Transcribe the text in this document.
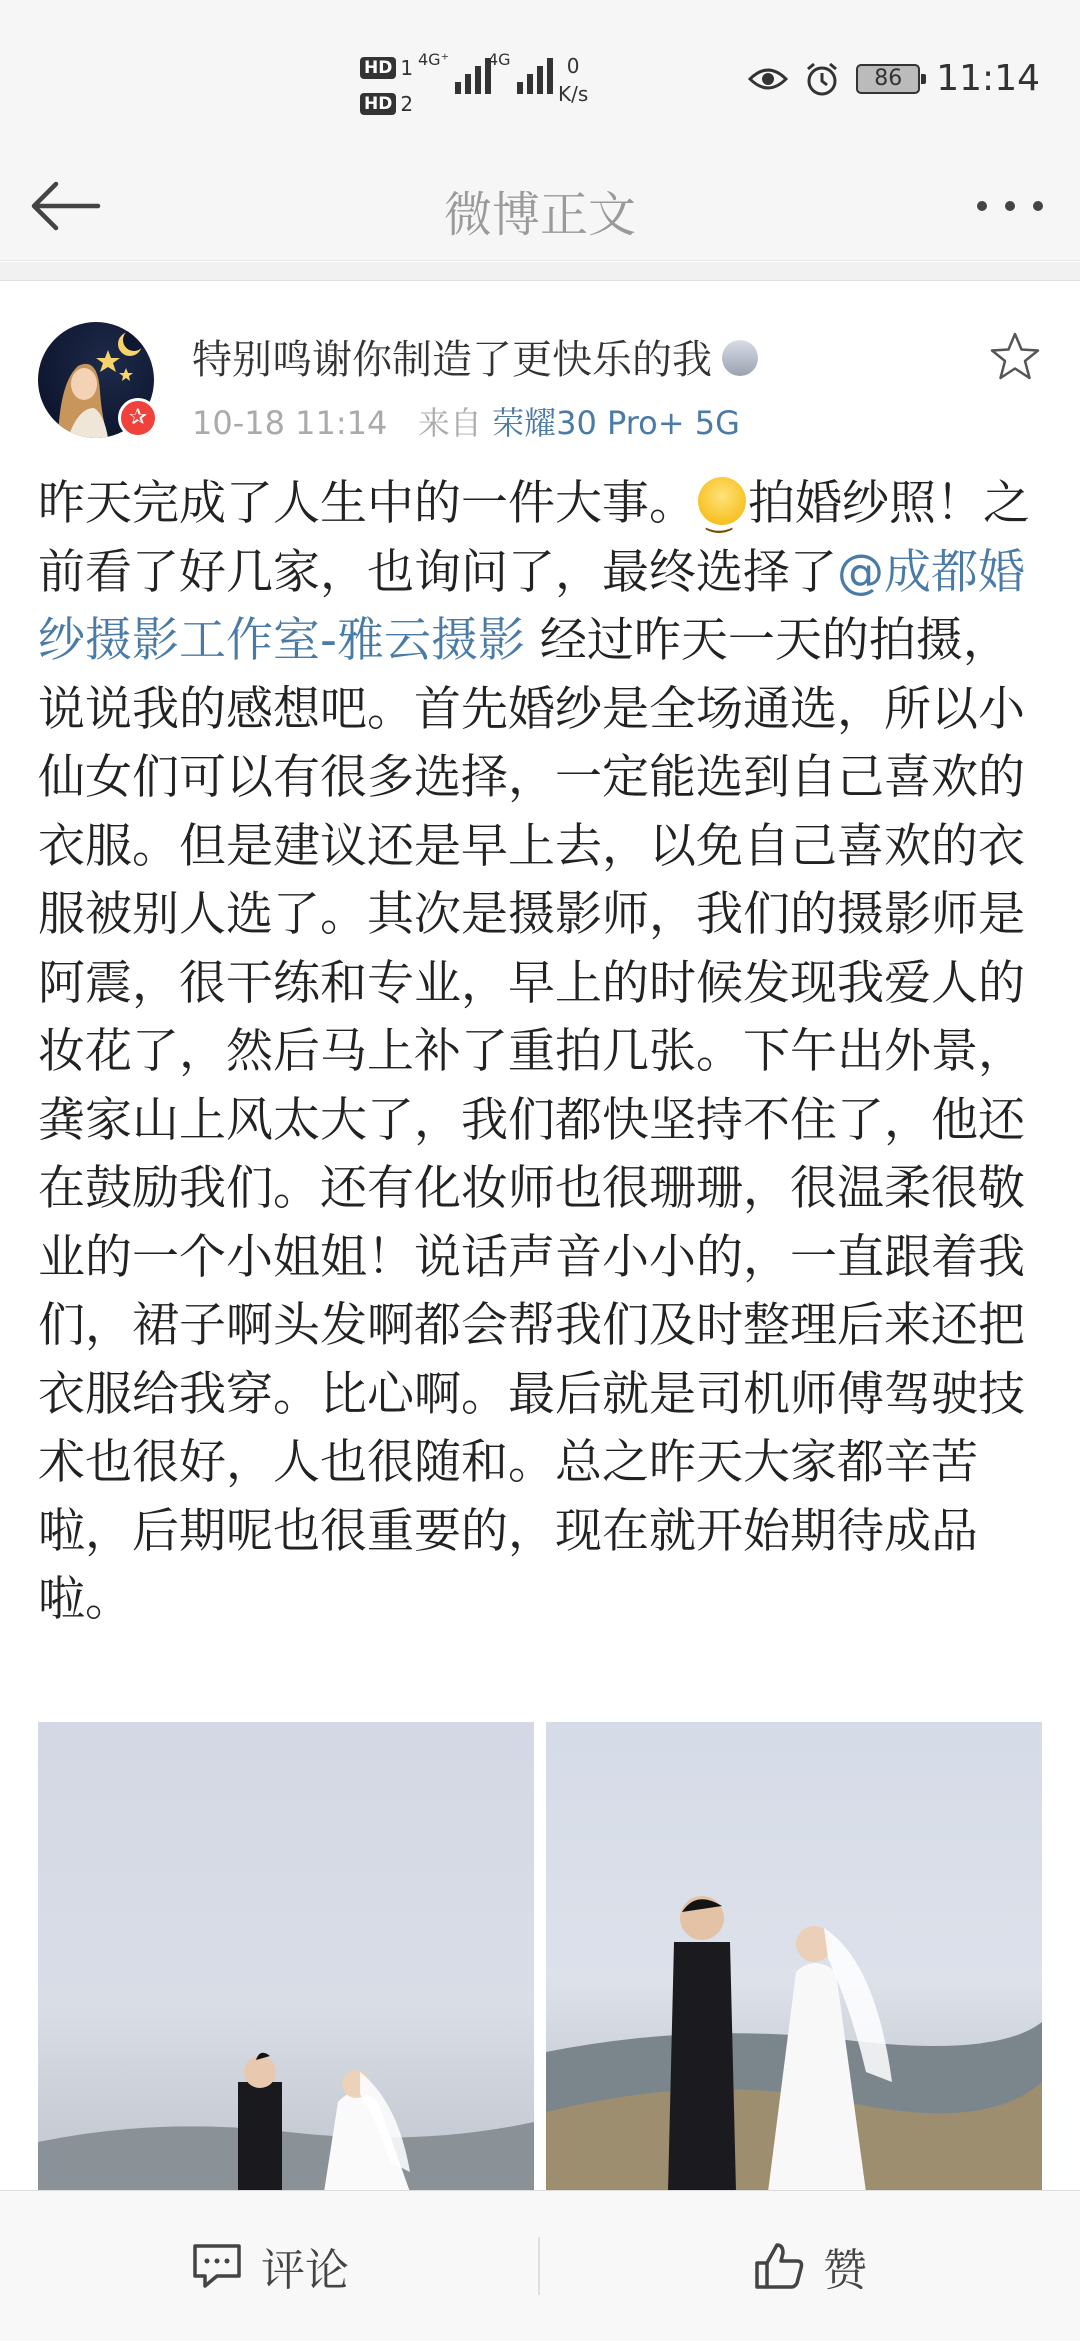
HD 1
HD 2
4G⁺ 4G	0
K/s
86 11:14
微博正文
✰
特别鸣谢你制造了更快乐的我
10-18 11:14 来自 荣耀30 Pro+ 5G

昨天完成了人生中的一件大事。‿ 拍婚纱照！之前看了好几家，也询问了，最终选择了@成都婚纱摄影工作室-雅云摄影 经过昨天一天的拍摄，说说我的感想吧。首先婚纱是全场通选，所以小仙女们可以有很多选择，一定能选到自己喜欢的衣服。但是建议还是早上去，以免自己喜欢的衣服被别人选了。其次是摄影师，我们的摄影师是阿震，很干练和专业，早上的时候发现我爱人的妆花了，然后马上补了重拍几张。下午出外景，龚家山上风太大了，我们都快坚持不住了，他还在鼓励我们。还有化妆师也很珊珊，很温柔很敬业的一个小姐姐！说话声音小小的，一直跟着我们，裙子啊头发啊都会帮我们及时整理后来还把衣服给我穿。比心啊。最后就是司机师傅驾驶技术也很好，人也很随和。总之昨天大家都辛苦啦，后期呢也很重要的，现在就开始期待成品啦。

评论	赞
